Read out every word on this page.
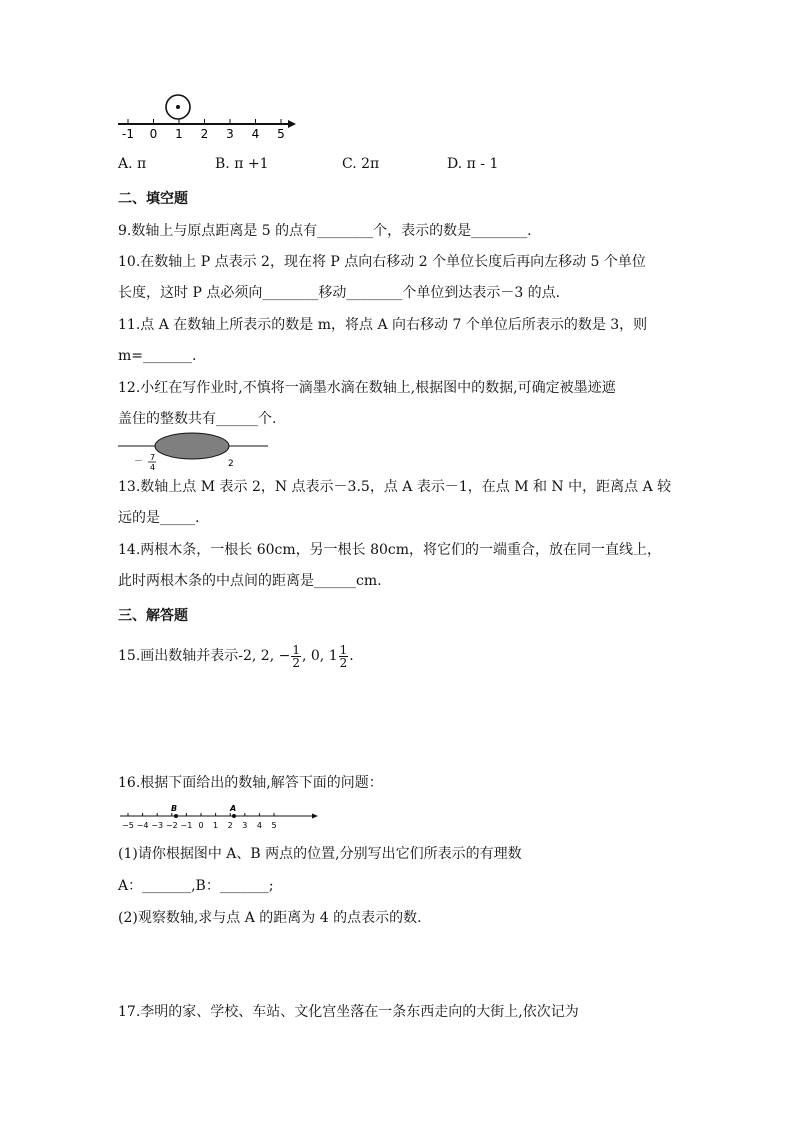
-1 0 1 2 3 4 5
A. π	B. π +1	C. 2π	D. π - 1
二、填空题
9.数轴上与原点距离是 5 的点有________个，表示的数是________.
10.在数轴上 P 点表示 2，现在将 P 点向右移动 2 个单位长度后再向左移动 5 个单位
长度，这时 P 点必须向________移动________个单位到达表示－3 的点.
11.点 A 在数轴上所表示的数是 m，将点 A 向右移动 7 个单位后所表示的数是 3，则
m=_______.
12.小红在写作业时,不慎将一滴墨水滴在数轴上,根据图中的数据,可确定被墨迹遮
盖住的整数共有______个.
－ 7
4	2
13.数轴上点 M 表示 2，N 点表示－3.5，点 A 表示－1，在点 M 和 N 中，距离点 A 较
远的是_____.
14.两根木条，一根长 60cm，另一根长 80cm，将它们的一端重合，放在同一直线上，
此时两根木条的中点间的距离是______cm.
三、解答题
15.画出数轴并表示-2, 2, − $\frac{1}{2}$ , 0, $1 \frac{1}{2}$ .
16.根据下面给出的数轴,解答下面的问题：
−5 −4 −3 −2 −1 0 1 2 3 4 5
B	A
(1)请你根据图中 A、B 两点的位置,分别写出它们所表示的有理数
A：_______,B：_______;
(2)观察数轴,求与点 A 的距离为 4 的点表示的数.
17.李明的家、学校、车站、文化宫坐落在一条东西走向的大街上,依次记为
